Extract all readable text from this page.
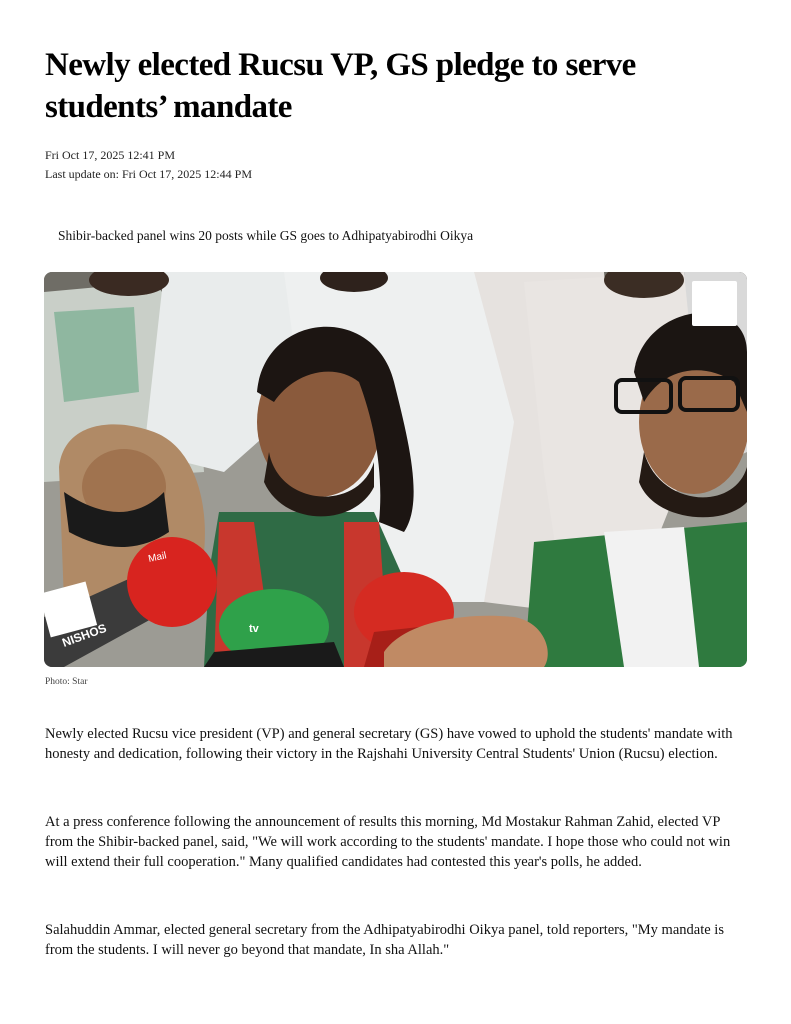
Newly elected Rucsu VP, GS pledge to serve students’ mandate
Fri Oct 17, 2025 12:41 PM
Last update on: Fri Oct 17, 2025 12:44 PM
Shibir-backed panel wins 20 posts while GS goes to Adhipatyabirodhi Oikya
NISHOS
Mail
tv
Photo: Star

Newly elected Rucsu vice president (VP) and general secretary (GS) have vowed to uphold the students' mandate with honesty and dedication, following their victory in the Rajshahi University Central Students' Union (Rucsu) election.

At a press conference following the announcement of results this morning, Md Mostakur Rahman Zahid, elected VP from the Shibir-backed panel, said, "We will work according to the students' mandate. I hope those who could not win will extend their full cooperation." Many qualified candidates had contested this year's polls, he added.

Salahuddin Ammar, elected general secretary from the Adhipatyabirodhi Oikya panel, told reporters, "My mandate is from the students. I will never go beyond that mandate, In sha Allah."
